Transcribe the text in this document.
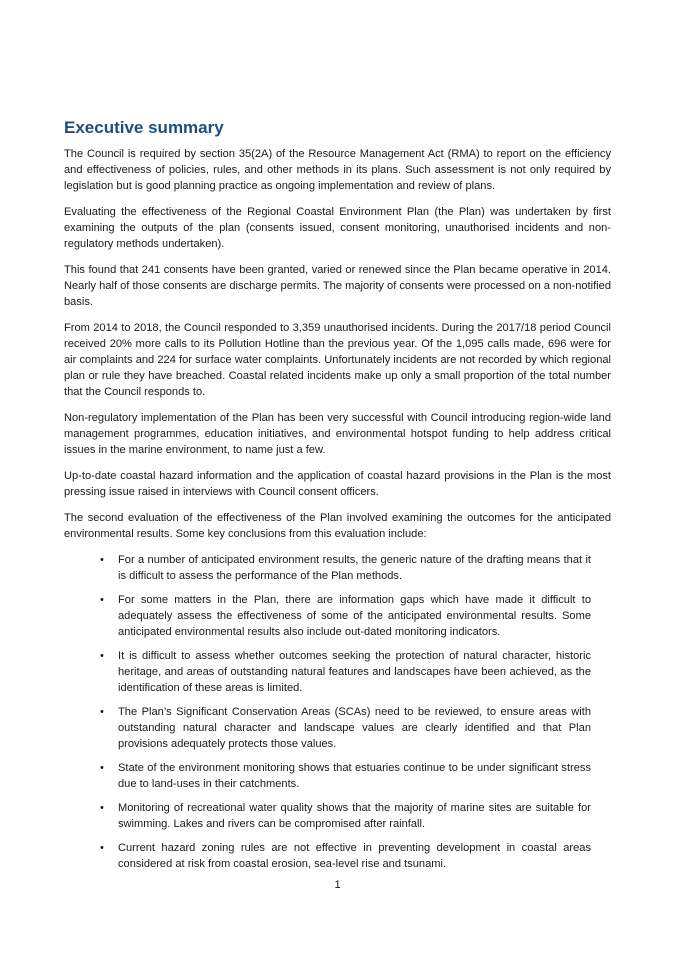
Executive summary

The Council is required by section 35(2A) of the Resource Management Act (RMA) to report on the efficiency and effectiveness of policies, rules, and other methods in its plans. Such assessment is not only required by legislation but is good planning practice as ongoing implementation and review of plans.

Evaluating the effectiveness of the Regional Coastal Environment Plan (the Plan) was undertaken by first examining the outputs of the plan (consents issued, consent monitoring, unauthorised incidents and non-regulatory methods undertaken).

This found that 241 consents have been granted, varied or renewed since the Plan became operative in 2014. Nearly half of those consents are discharge permits. The majority of consents were processed on a non-notified basis.

From 2014 to 2018, the Council responded to 3,359 unauthorised incidents. During the 2017/18 period Council received 20% more calls to its Pollution Hotline than the previous year. Of the 1,095 calls made, 696 were for air complaints and 224 for surface water complaints. Unfortunately incidents are not recorded by which regional plan or rule they have breached. Coastal related incidents make up only a small proportion of the total number that the Council responds to.

Non-regulatory implementation of the Plan has been very successful with Council introducing region-wide land management programmes, education initiatives, and environmental hotspot funding to help address critical issues in the marine environment, to name just a few.

Up-to-date coastal hazard information and the application of coastal hazard provisions in the Plan is the most pressing issue raised in interviews with Council consent officers.

The second evaluation of the effectiveness of the Plan involved examining the outcomes for the anticipated environmental results. Some key conclusions from this evaluation include:

• For a number of anticipated environment results, the generic nature of the drafting means that it is difficult to assess the performance of the Plan methods.
• For some matters in the Plan, there are information gaps which have made it difficult to adequately assess the effectiveness of some of the anticipated environmental results. Some anticipated environmental results also include out-dated monitoring indicators.
• It is difficult to assess whether outcomes seeking the protection of natural character, historic heritage, and areas of outstanding natural features and landscapes have been achieved, as the identification of these areas is limited.
• The Plan’s Significant Conservation Areas (SCAs) need to be reviewed, to ensure areas with outstanding natural character and landscape values are clearly identified and that Plan provisions adequately protects those values.
• State of the environment monitoring shows that estuaries continue to be under significant stress due to land-uses in their catchments.
• Monitoring of recreational water quality shows that the majority of marine sites are suitable for swimming. Lakes and rivers can be compromised after rainfall.
• Current hazard zoning rules are not effective in preventing development in coastal areas considered at risk from coastal erosion, sea-level rise and tsunami.
1
